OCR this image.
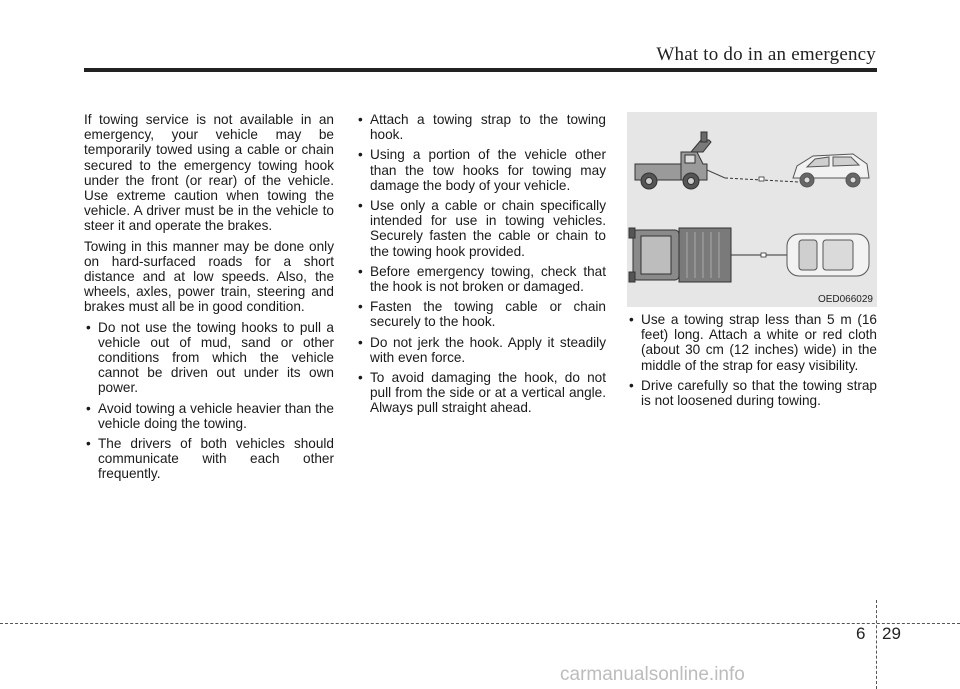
What to do in an emergency

If towing service is not available in an emergency, your vehicle may be temporarily towed using a cable or chain secured to the emergency towing hook under the front (or rear) of the vehicle. Use extreme caution when towing the vehicle. A driver must be in the vehicle to steer it and operate the brakes.

Towing in this manner may be done only on hard-surfaced roads for a short distance and at low speeds. Also, the wheels, axles, power train, steering and brakes must all be in good condition.

• Do not use the towing hooks to pull a vehicle out of mud, sand or other conditions from which the vehicle cannot be driven out under its own power.
• Avoid towing a vehicle heavier than the vehicle doing the towing.
• The drivers of both vehicles should communicate with each other frequently.
• Attach a towing strap to the towing hook.
• Using a portion of the vehicle other than the tow hooks for towing may damage the body of your vehicle.
• Use only a cable or chain specifically intended for use in towing vehicles. Securely fasten the cable or chain to the towing hook provided.
• Before emergency towing, check that the hook is not broken or damaged.
• Fasten the towing cable or chain securely to the hook.
• Do not jerk the hook. Apply it steadily with even force.
• To avoid damaging the hook, do not pull from the side or at a vertical angle. Always pull straight ahead.
OED066029
• Use a towing strap less than 5 m (16 feet) long. Attach a white or red cloth (about 30 cm (12 inches) wide) in the middle of the strap for easy visibility.
• Drive carefully so that the towing strap is not loosened during towing.
6 29
carmanualsonline.info
